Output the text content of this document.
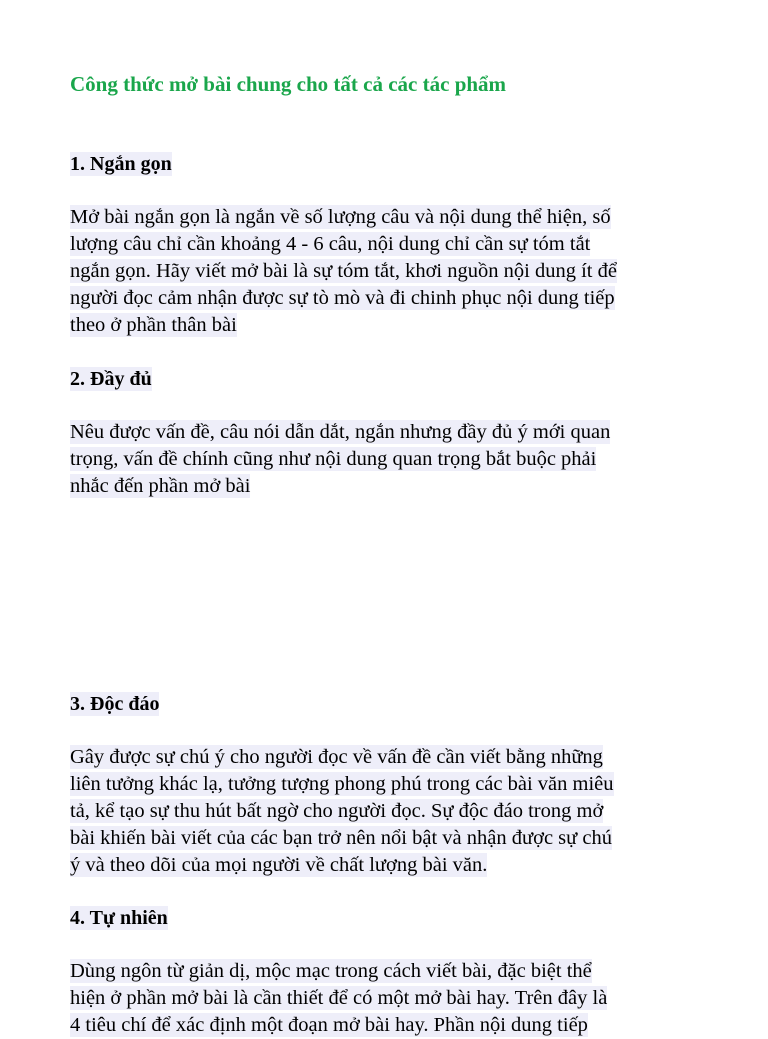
Công thức mở bài chung cho tất cả các tác phẩm
1. Ngắn gọn
Mở bài ngắn gọn là ngắn về số lượng câu và nội dung thể hiện, số
lượng câu chỉ cần khoảng 4 - 6 câu, nội dung chỉ cần sự tóm tắt
ngắn gọn. Hãy viết mở bài là sự tóm tắt, khơi nguồn nội dung ít để
người đọc cảm nhận được sự tò mò và đi chinh phục nội dung tiếp
theo ở phần thân bài
2. Đầy đủ
Nêu được vấn đề, câu nói dẫn dắt, ngắn nhưng đầy đủ ý mới quan
trọng, vấn đề chính cũng như nội dung quan trọng bắt buộc phải
nhắc đến phần mở bài
3. Độc đáo
Gây được sự chú ý cho người đọc về vấn đề cần viết bằng những
liên tưởng khác lạ, tưởng tượng phong phú trong các bài văn miêu
tả, kể tạo sự thu hút bất ngờ cho người đọc. Sự độc đáo trong mở
bài khiến bài viết của các bạn trở nên nổi bật và nhận được sự chú
ý và theo dõi của mọi người về chất lượng bài văn.
4. Tự nhiên
Dùng ngôn từ giản dị, mộc mạc trong cách viết bài, đặc biệt thể
hiện ở phần mở bài là cần thiết để có một mở bài hay. Trên đây là
4 tiêu chí để xác định một đoạn mở bài hay. Phần nội dung tiếp
